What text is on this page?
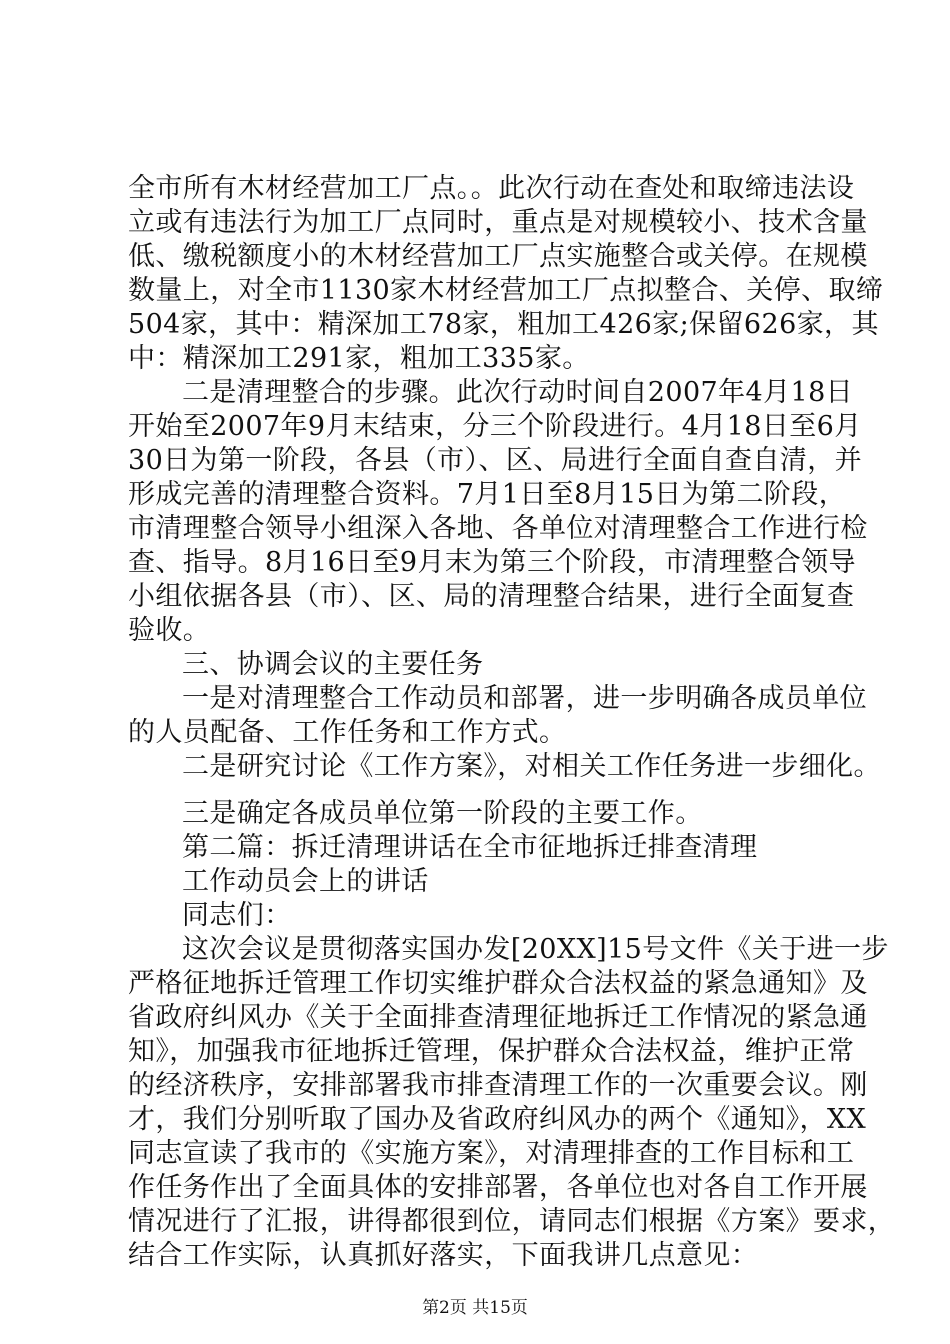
全市所有木材经营加工厂点。。此次行动在查处和取缔违法设
立或有违法行为加工厂点同时，重点是对规模较小、技术含量
低、缴税额度小的木材经营加工厂点实施整合或关停。在规模
数量上，对全市1130家木材经营加工厂点拟整合、关停、取缔
504家，其中：精深加工78家，粗加工426家;保留626家，其
中：精深加工291家，粗加工335家。
二是清理整合的步骤。此次行动时间自2007年4月18日
开始至2007年9月末结束，分三个阶段进行。4月18日至6月
30日为第一阶段，各县（市）、区、局进行全面自查自清，并
形成完善的清理整合资料。7月1日至8月15日为第二阶段，
市清理整合领导小组深入各地、各单位对清理整合工作进行检
查、指导。8月16日至9月末为第三个阶段，市清理整合领导
小组依据各县（市）、区、局的清理整合结果，进行全面复查
验收。
三、协调会议的主要任务
一是对清理整合工作动员和部署，进一步明确各成员单位
的人员配备、工作任务和工作方式。
二是研究讨论《工作方案》，对相关工作任务进一步细化。
三是确定各成员单位第一阶段的主要工作。
第二篇：拆迁清理讲话在全市征地拆迁排查清理
工作动员会上的讲话
同志们：
这次会议是贯彻落实国办发[20XX]15号文件《关于进一步
严格征地拆迁管理工作切实维护群众合法权益的紧急通知》及
省政府纠风办《关于全面排查清理征地拆迁工作情况的紧急通
知》，加强我市征地拆迁管理，保护群众合法权益，维护正常
的经济秩序，安排部署我市排查清理工作的一次重要会议。刚
才，我们分别听取了国办及省政府纠风办的两个《通知》，XX
同志宣读了我市的《实施方案》，对清理排查的工作目标和工
作任务作出了全面具体的安排部署，各单位也对各自工作开展
情况进行了汇报，讲得都很到位，请同志们根据《方案》要求，
结合工作实际，认真抓好落实，下面我讲几点意见：
第2页 共15页
